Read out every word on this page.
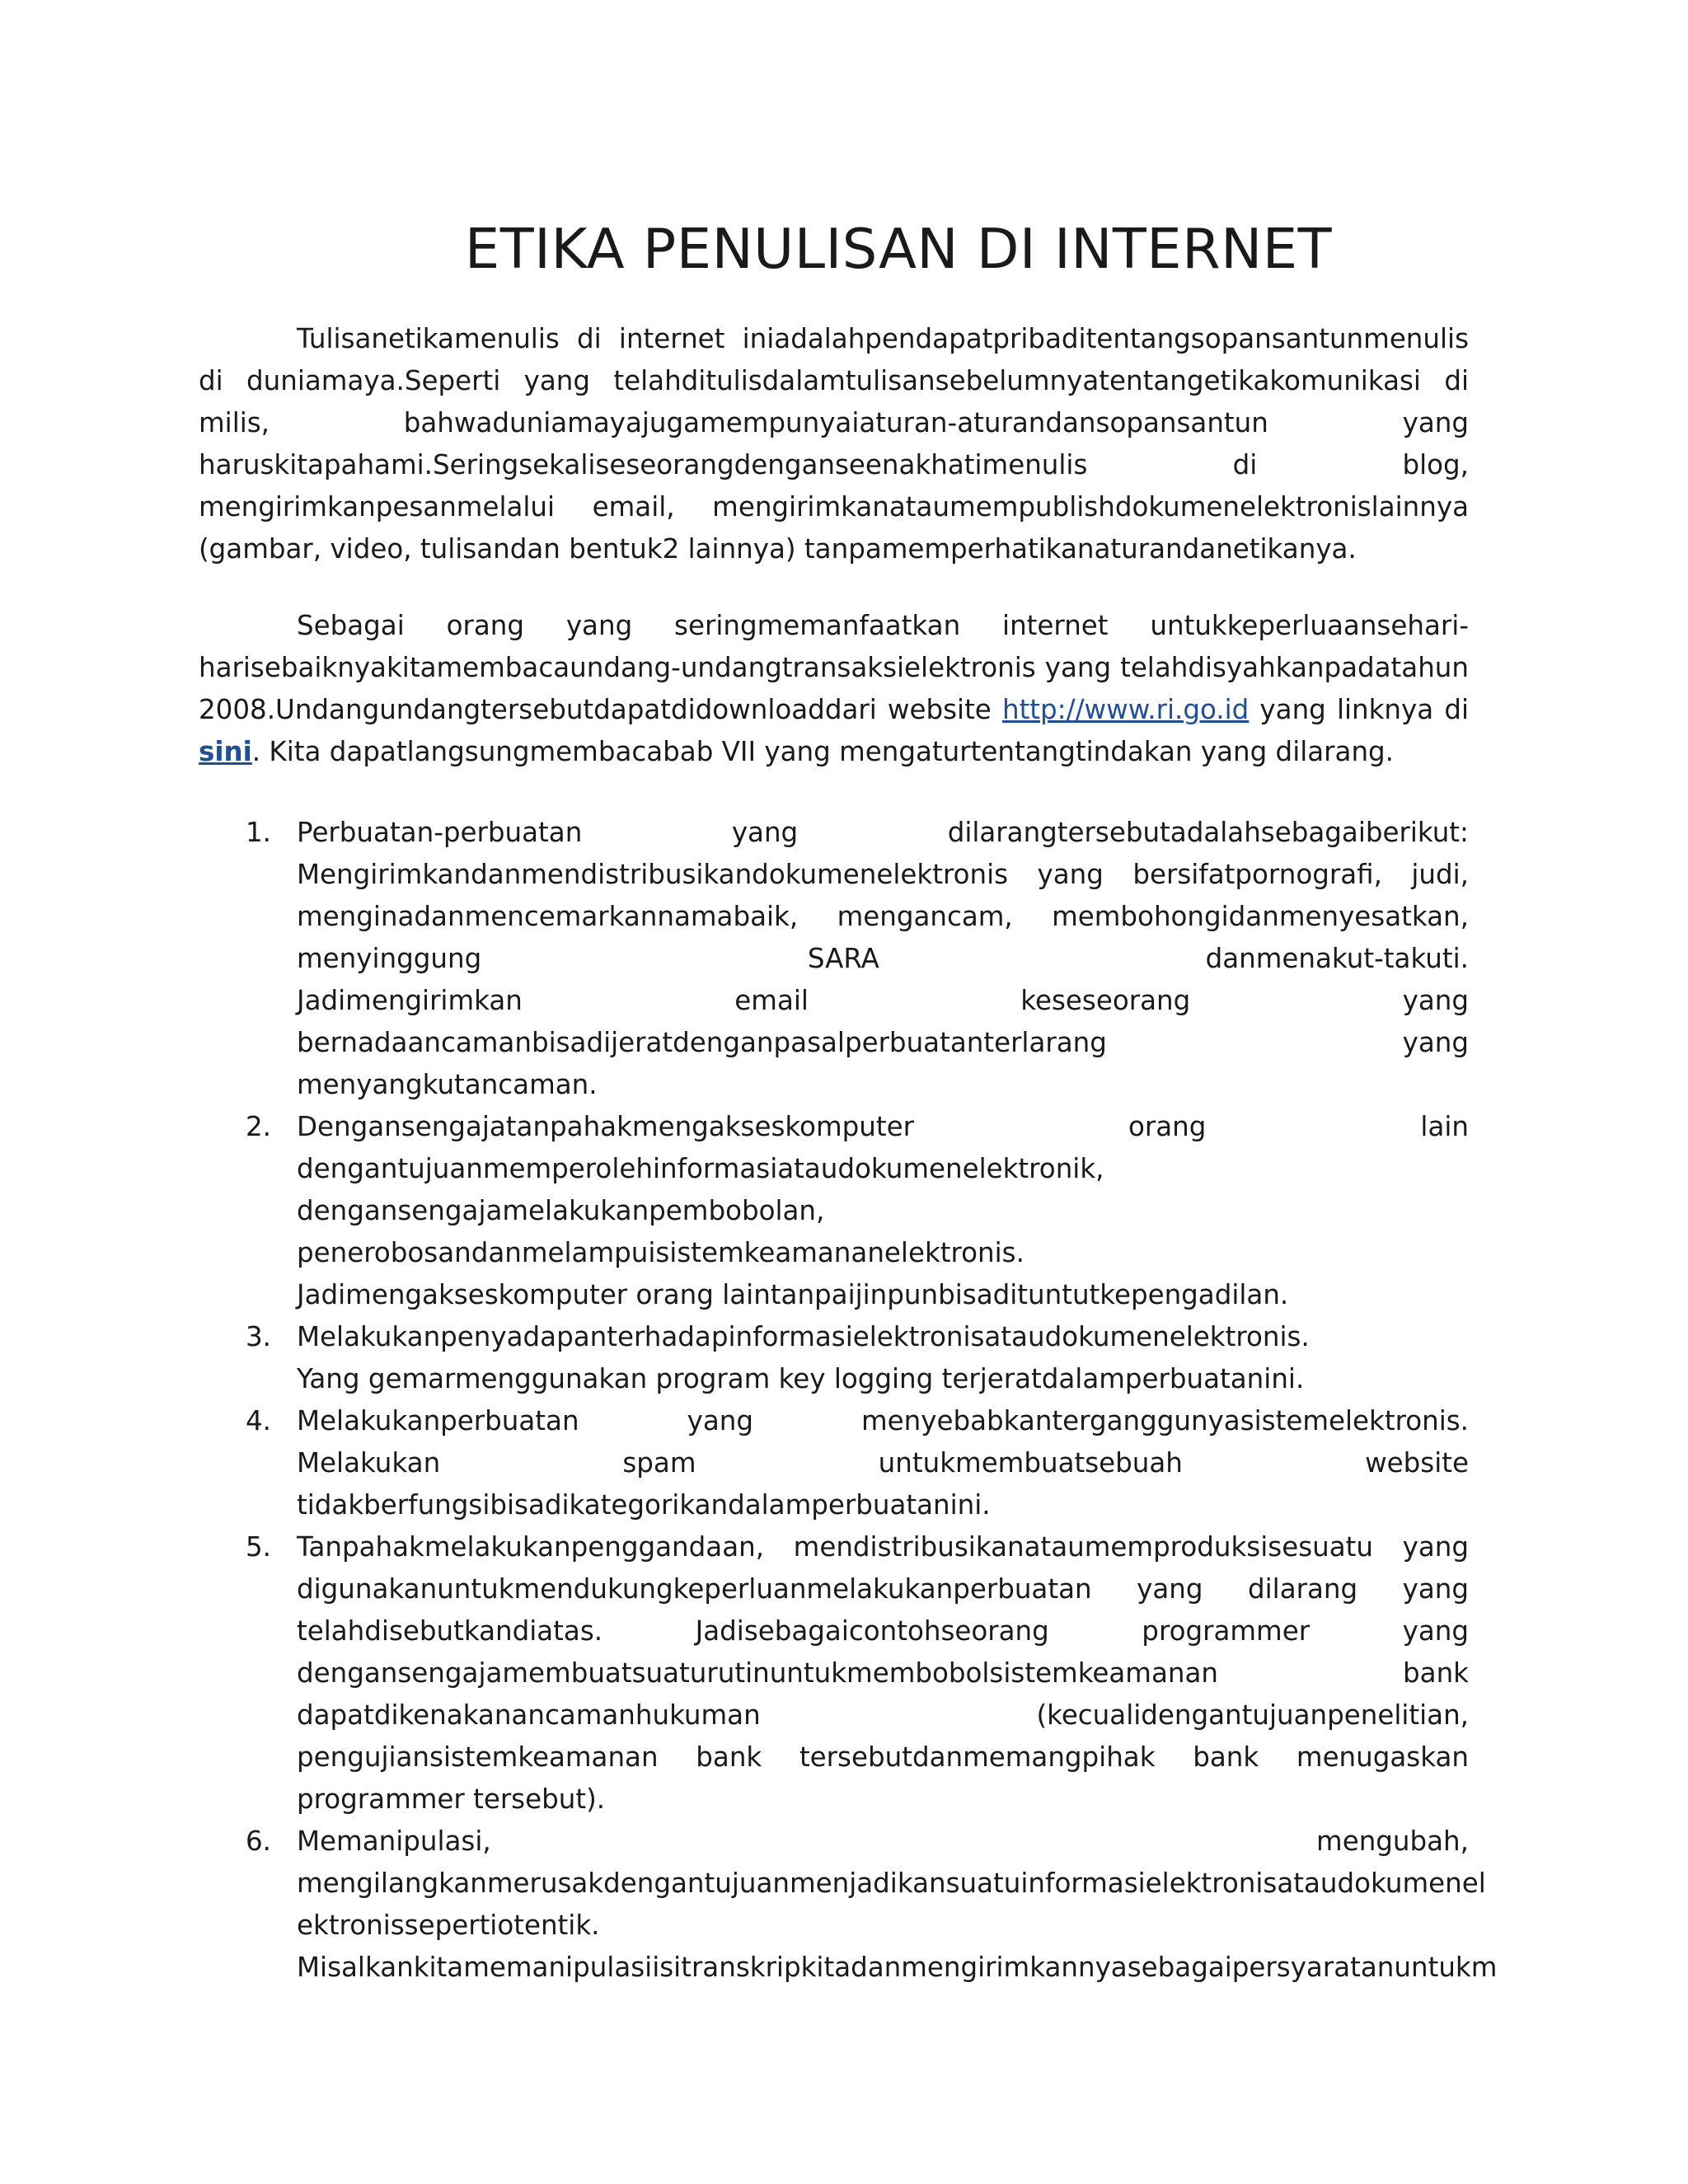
ETIKA PENULISAN DI INTERNET

Tulisanetikamenulis di internet iniadalahpendapatpribaditentangsopansantunmenulis di duniamaya.Seperti yang telahditulisdalamtulisansebelumnyatentangetikakomunikasi di milis, bahwaduniamayajugamempunyaiaturan-aturandansopansantun yang haruskitapahami.Seringsekaliseseorangdenganseenakhatimenulis di blog, mengirimkanpesanmelalui email, mengirimkanataumempublishdokumenelektronislainnya (gambar, video, tulisandan bentuk2 lainnya) tanpamemperhatikanaturandanetikanya.

Sebagai orang yang seringmemanfaatkan internet untukkeperluaansehari-harisebaiknyakitamembacaundang-undangtransaksielektronis yang telahdisyahkanpadatahun 2008.Undangundangtersebutdapatdidownloaddari website http://www.ri.go.id yang linknya di sini. Kita dapatlangsungmembacabab VII yang mengaturtentangtindakan yang dilarang.

1. Perbuatan-perbuatan yang dilarangtersebutadalahsebagaiberikut:
Mengirimkandanmendistribusikandokumenelektronis yang bersifatpornografi, judi,
menginadanmencemarkannamabaik, mengancam, membohongidanmenyesatkan,
menyinggung SARA danmenakut-takuti.
Jadimengirimkan email keseseorang yang
bernadaancamanbisadijeratdenganpasalperbuatanterlarang yang menyangkutancaman.
2. Dengansengajatanpahakmengakseskomputer orang lain
dengantujuanmemperolehinformasiataudokumenelektronik,
dengansengajamelakukanpembobolan,
penerobosandanmelampuisistemkeamananelektronis.
Jadimengakseskomputer orang laintanpaijinpunbisadituntutkepengadilan.
3. Melakukanpenyadapanterhadapinformasielektronisataudokumenelektronis.
Yang gemarmenggunakan program key logging terjeratdalamperbuatanini.
4. Melakukanperbuatan yang menyebabkanterganggunyasistemelektronis.
Melakukan spam untukmembuatsebuah website
tidakberfungsibisadikategorikandalamperbuatanini.
5. Tanpahakmelakukanpenggandaan, mendistribusikanataumemproduksisesuatu yang
digunakanuntukmendukungkeperluanmelakukanperbuatan yang dilarang yang
telahdisebutkandiatas. Jadisebagaicontohseorang programmer yang
dengansengajamembuatsuaturutinuntukmembobolsistemkeamanan bank
dapatdikenakanancamanhukuman (kecualidengantujuanpenelitian,
pengujiansistemkeamanan bank tersebutdanmemangpihak bank menugaskan
programmer tersebut).
6. Memanipulasi, mengubah,
mengilangkanmerusakdengantujuanmenjadikansuatuinformasielektronisataudokumenel
ektronissepertiotentik.
Misalkankitamemanipulasiisitranskripkitadanmengirimkannyasebagaipersyaratanuntukm
